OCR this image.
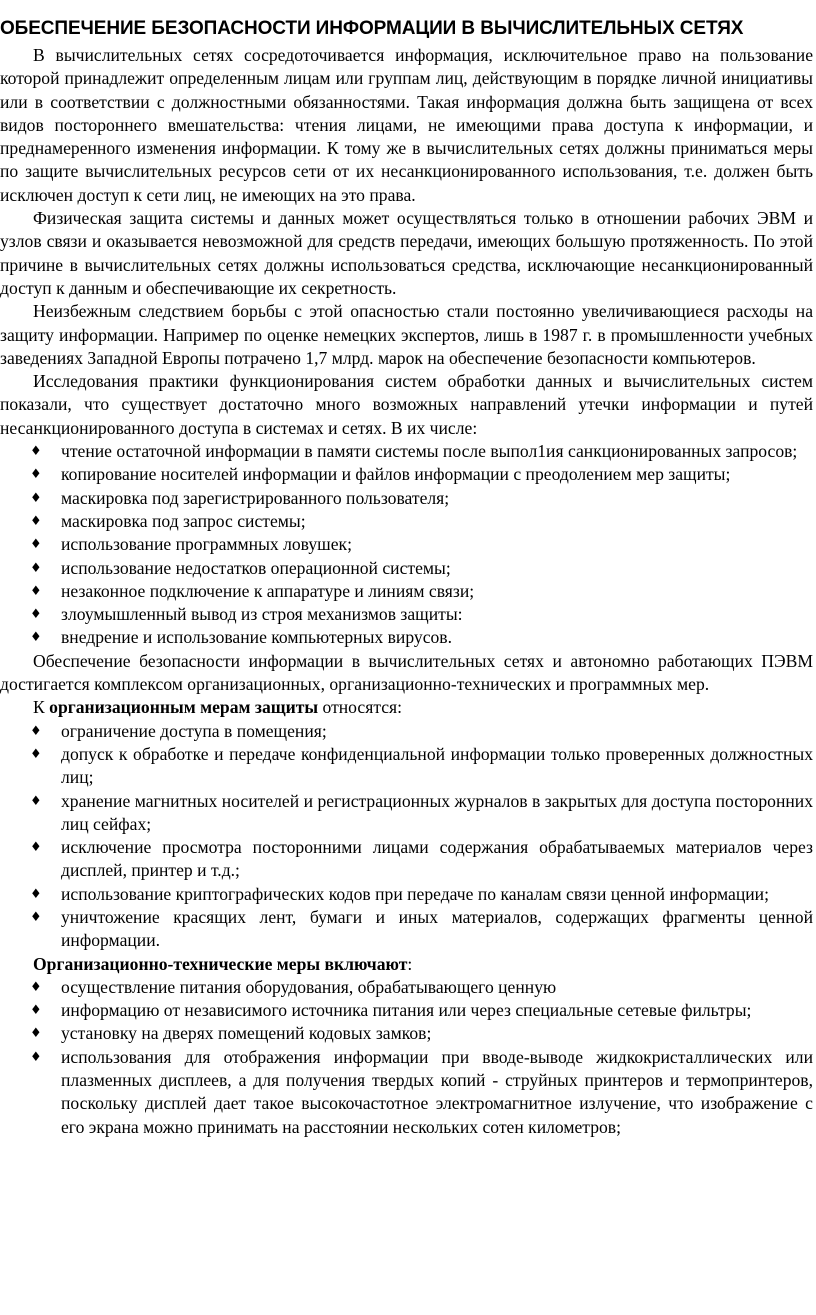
ОБЕСПЕЧЕНИЕ БЕЗОПАСНОСТИ ИНФОРМАЦИИ В ВЫЧИСЛИТЕЛЬНЫХ СЕТЯХ

В вычислительных сетях сосредоточивается информация, исключительное право на пользование которой принадлежит определенным лицам или группам лиц, действующим в порядке личной инициативы или в соответствии с должностными обязанностями. Такая информация должна быть защищена от всех видов постороннего вмешательства: чтения лицами, не имеющими права доступа к информации, и преднамеренного изменения информации. К тому же в вычислительных сетях должны приниматься меры по защите вычислительных ресурсов сети от их несанкционированного использования, т.е. должен быть исключен доступ к сети лиц, не имеющих на это права.

Физическая защита системы и данных может осуществляться только в отношении рабочих ЭВМ и узлов связи и оказывается невозможной для средств передачи, имеющих большую протяженность. По этой причине в вычислительных сетях должны использоваться средства, исключающие несанкционированный доступ к данным и обеспечивающие их секретность.

Неизбежным следствием борьбы с этой опасностью стали постоянно увеличивающиеся расходы на защиту информации. Например по оценке немецких экспертов, лишь в 1987 г. в промышленности учебных заведениях Западной Европы потрачено 1,7 млрд. марок на обеспечение безопасности компьютеров.

Исследования практики функционирования систем обработки данных и вычислительных систем показали, что существует достаточно много возможных направлений утечки информации и путей несанкционированного доступа в системах и сетях. В их числе:

♦ чтение остаточной информации в памяти системы после выпол1ия санкционированных запросов;
♦ копирование носителей информации и файлов информации с преодолением мер защиты;
♦ маскировка под зарегистрированного пользователя;
♦ маскировка под запрос системы;
♦ использование программных ловушек;
♦ использование недостатков операционной системы;
♦ незаконное подключение к аппаратуре и линиям связи;
♦ злоумышленный вывод из строя механизмов защиты:
♦ внедрение и использование компьютерных вирусов.

Обеспечение безопасности информации в вычислительных сетях и автономно работающих ПЭВМ достигается комплексом организационных, организационно-технических и программных мер.

К организационным мерам защиты относятся:

♦ ограничение доступа в помещения;
♦ допуск к обработке и передаче конфиденциальной информации только проверенных должностных лиц;
♦ хранение магнитных носителей и регистрационных журналов в закрытых для доступа посторонних лиц сейфах;
♦ исключение просмотра посторонними лицами содержания обрабатываемых материалов через дисплей, принтер и т.д.;
♦ использование криптографических кодов при передаче по каналам связи ценной информации;
♦ уничтожение красящих лент, бумаги и иных материалов, содержащих фрагменты ценной информации.

Организационно-технические меры включают:

♦ осуществление питания оборудования, обрабатывающего ценную
♦ информацию от независимого источника питания или через специальные сетевые фильтры;
♦ установку на дверях помещений кодовых замков;
♦ использования для отображения информации при вводе-выводе жидкокристаллических или плазменных дисплеев, а для получения твердых копий - струйных принтеров и термопринтеров, поскольку дисплей дает такое высокочастотное электромагнитное излучение, что изображение с его экрана можно принимать на расстоянии нескольких сотен километров;
